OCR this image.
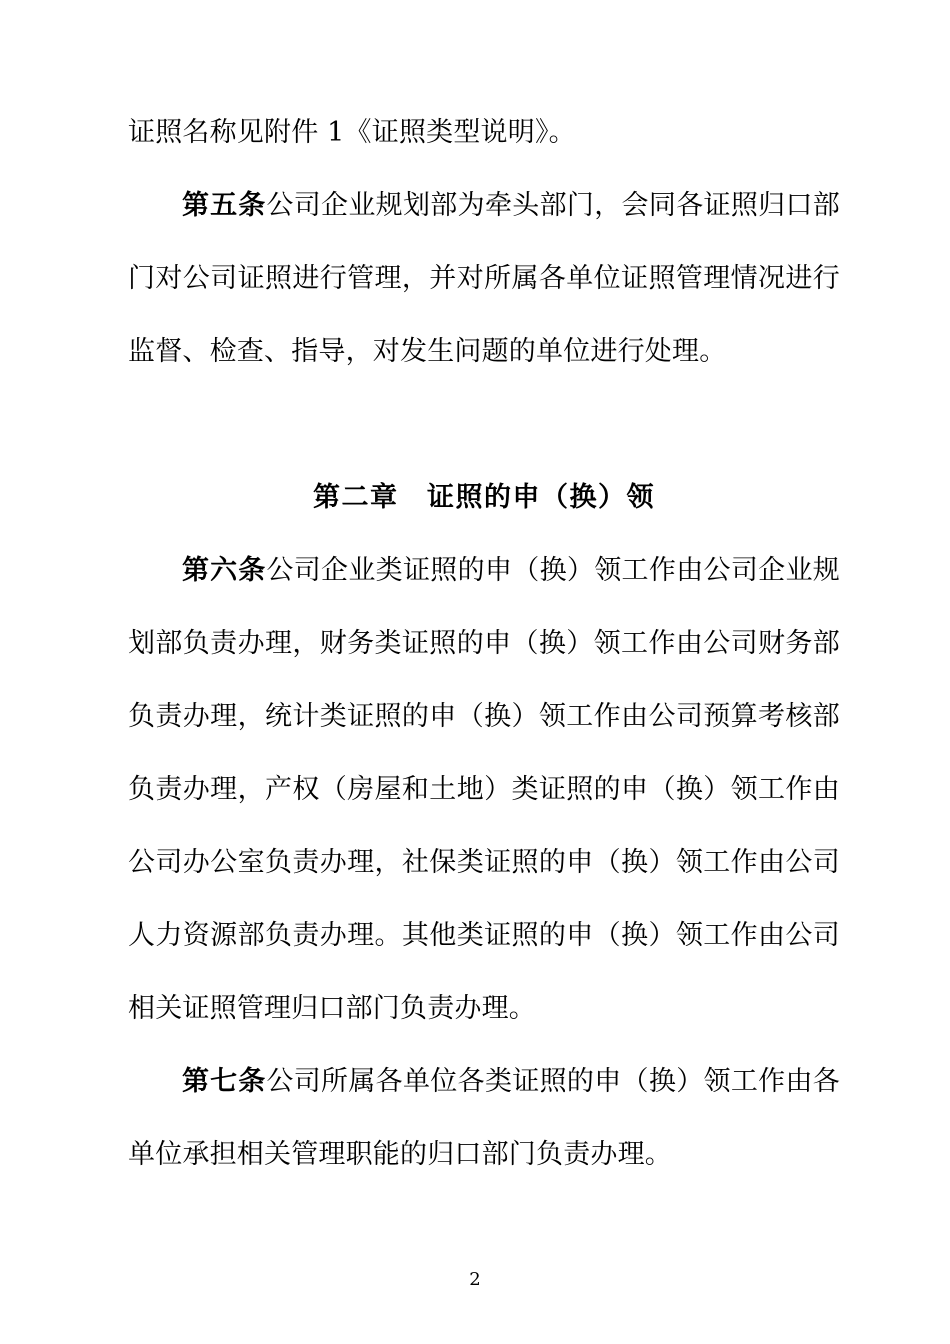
证照名称见附件 1《证照类型说明》。

第五条公司企业规划部为牵头部门，会同各证照归口部门对公司证照进行管理，并对所属各单位证照管理情况进行监督、检查、指导，对发生问题的单位进行处理。

第二章　证照的申（换）领

第六条公司企业类证照的申（换）领工作由公司企业规划部负责办理，财务类证照的申（换）领工作由公司财务部负责办理，统计类证照的申（换）领工作由公司预算考核部负责办理，产权（房屋和土地）类证照的申（换）领工作由公司办公室负责办理，社保类证照的申（换）领工作由公司人力资源部负责办理。其他类证照的申（换）领工作由公司相关证照管理归口部门负责办理。

第七条公司所属各单位各类证照的申（换）领工作由各单位承担相关管理职能的归口部门负责办理。

2
